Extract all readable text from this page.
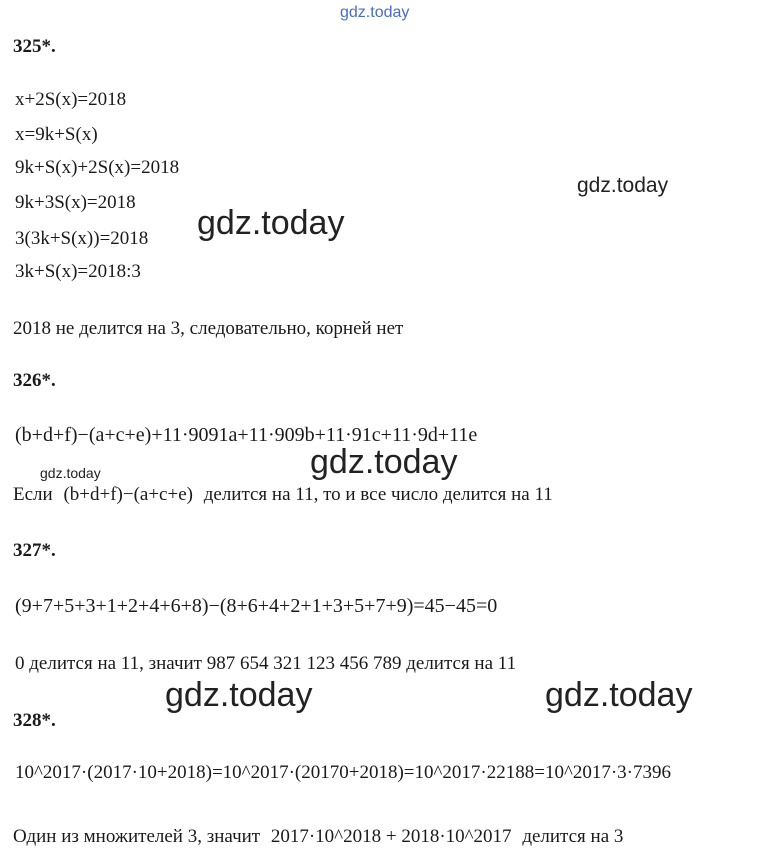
gdz.today
gdz.today
gdz.today
gdz.today	gdz.today
gdz.today	gdz.today
325*.
x+2S(x)=2018
x=9k+S(x)
9k+S(x)+2S(x)=2018
9k+3S(x)=2018
3(3k+S(x))=2018
3k+S(x)=2018:3
2018 не делится на 3, следовательно, корней нет
326*.
(b+d+f)−(a+c+e)+11·9091a+11·909b+11·91c+11·9d+11e
Если (b+d+f)−(a+c+e) делится на 11, то и все число делится на 11
327*.
(9+7+5+3+1+2+4+6+8)−(8+6+4+2+1+3+5+7+9)=45−45=0
0 делится на 11, значит 987 654 321 123 456 789 делится на 11
328*.
10^2017·(2017·10+2018)=10^2017·(20170+2018)=10^2017·22188=10^2017·3·7396
Один из множителей 3, значит 2017·10^2018 + 2018·10^2017 делится на 3
